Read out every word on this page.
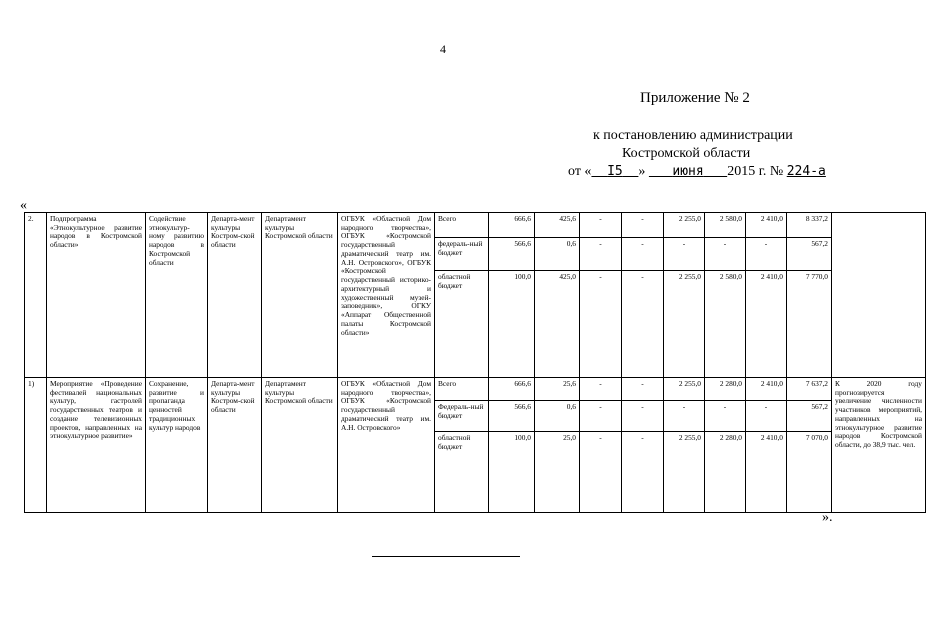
4
Приложение № 2
к постановлению администрации
Костромской области
от « I5 » июня 2015 г. № 224-а
«
2.	Подпрограмма «Этнокультурное развитие народов в Костромской области»	Содействие этнокультур-ному развитию народов в Костромской области	Департа-мент культуры Костром-ской области	Департамент культуры Костромской области	ОГБУК «Областной Дом народного творчества», ОГБУК «Костромской государственный драматический театр им. А.Н. Островского», ОГБУК «Костромской государственный историко-архитектурный и художественный музей-заповедник», ОГКУ «Аппарат Общественной палаты Костромской области»	Всего	666,6	425,6	-	-	2 255,0	2 580,0	2 410,0	8 337,2	
						федераль-ный бюджет	566,6	0,6	-	-	-	-	-	567,2	
						областной бюджет	100,0	425,0	-	-	2 255,0	2 580,0	2 410,0	7 770,0	
1)	Мероприятие «Проведение фестивалей национальных культур, гастролей государственных театров и создание телевизионных проектов, направленных на этнокультурное развитие»	Сохранение, развитие и пропаганда ценностей традиционных культур народов	Департа-мент культуры Костром-ской области	Департамент культуры Костромской области	ОГБУК «Областной Дом народного творчества», ОГБУК «Костромской государственный драматический театр им. А.Н. Островского»	Всего	666,6	25,6	-	-	2 255,0	2 280,0	2 410,0	7 637,2	К 2020 году прогнозируется увеличение численности участников мероприятий, направленных на этнокультурное развитие народов Костромской области, до 38,9 тыс. чел.
						Федераль-ный бюджет	566,6	0,6	-	-	-	-	-	567,2	
						областной бюджет	100,0	25,0	-	-	2 255,0	2 280,0	2 410,0	7 070,0	
».
